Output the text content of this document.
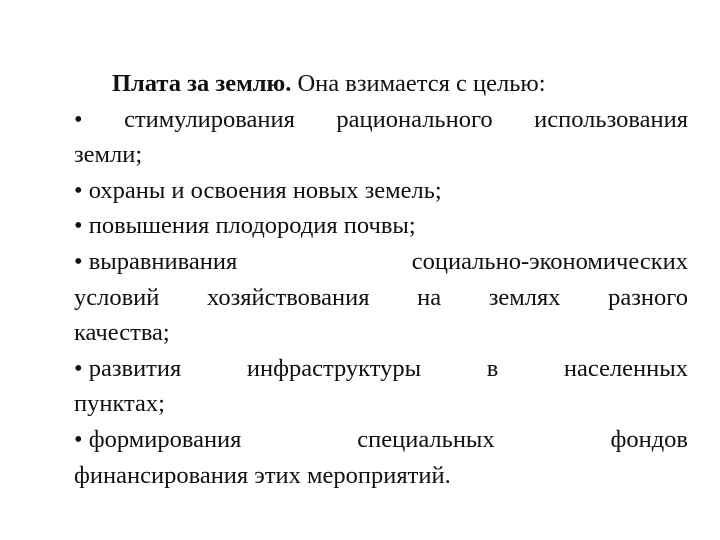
Плата за землю. Она взимается с целью:
• стимулирования рационального использования
земли;
• охраны и освоения новых земель;
• повышения плодородия почвы;
• выравнивания	социально-экономических
условий хозяйствования на землях разного
качества;
• развития	инфраструктуры	в	населенных
пунктах;
• формирования	специальных	фондов
финансирования этих мероприятий.
